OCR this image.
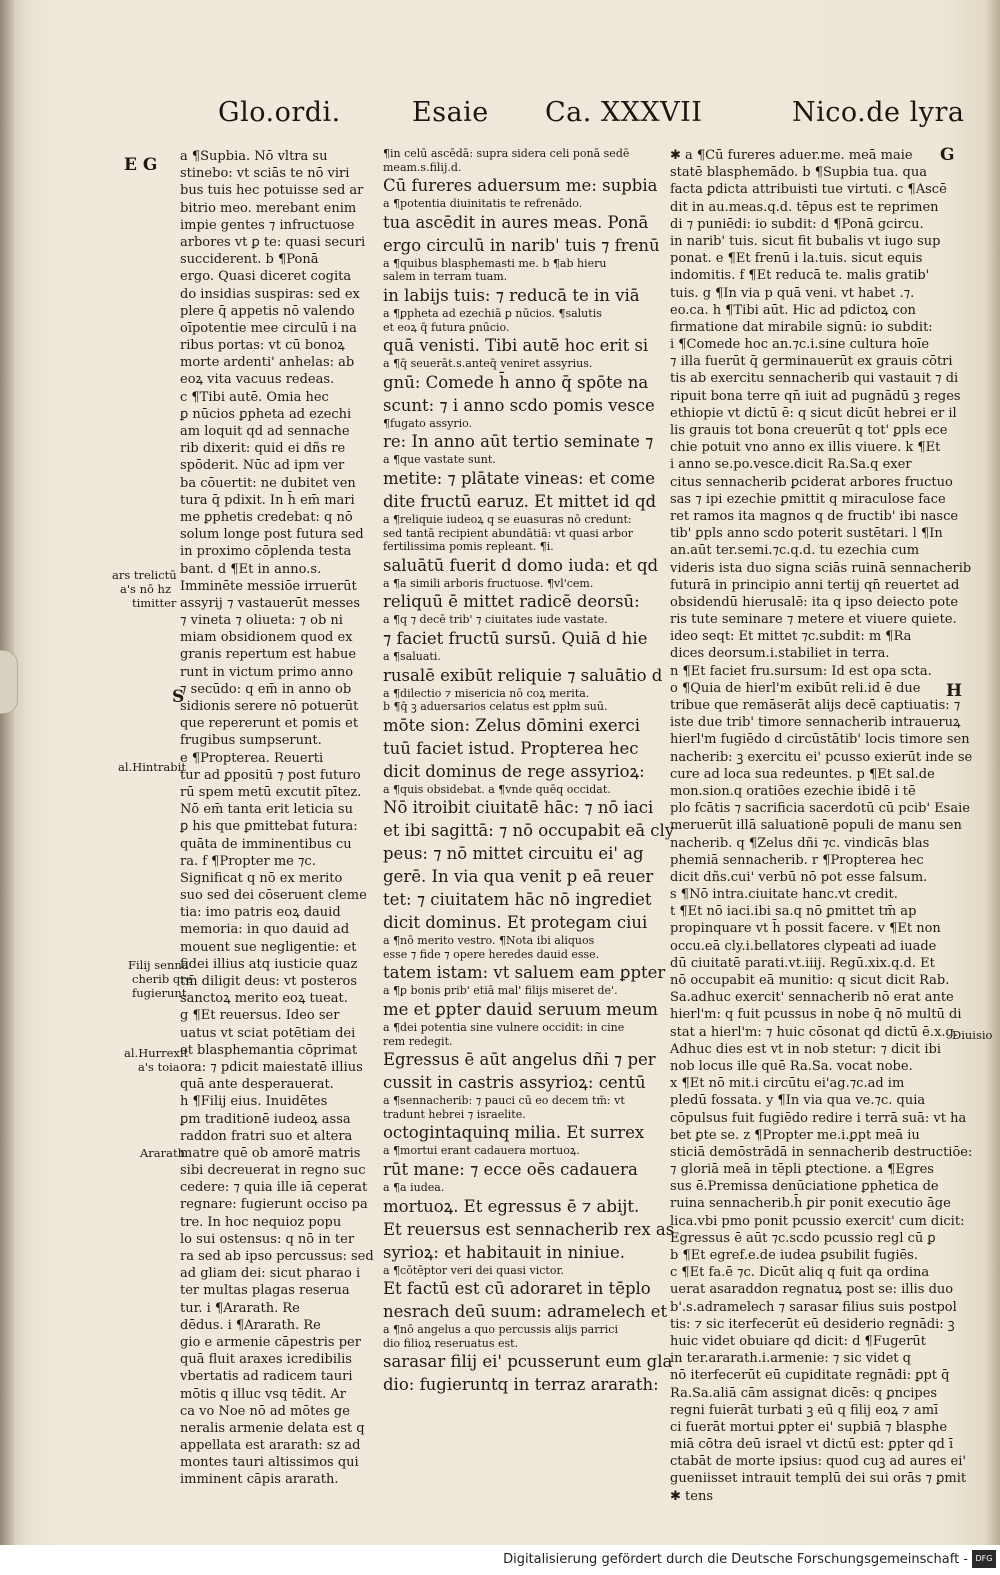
Glo.ordi.	Esaie Ca. XXXVII	Nico.de lyra
E G
ars trelictū
a's nō hz
timitter
S
al.Hintrabit
Filij senna
cherib qre
fugierunt
al.Hurrexit
a's toia
Ararath
G
H
Diuisio
a ¶Supbia. Nō vltra su
stinebo: vt sciās te nō viri
bus tuis hec potuisse sed ar
bitrio meo. merebant enim
impie gentes ⁊ infructuose
arbores vt ꝑ te: quasi securi
succiderent. b ¶Ponā
ergo. Quasi diceret cogita
do insidias suspiras: sed ex
plere q̄ appetis nō valendo
oīpotentie mee circulū i na
ribus portas: vt cū bonoꝝ
morte ardenti' anhelas: ab
eoꝝ vita vacuus redeas.
c ¶Tibi autē. Omia hec
ꝑ nūcios ꝑpheta ad ezechi
am loquit qd ad sennache
rib dixerit: quid ei dñs re
spōderit. Nūc ad ipm ver
ba cōuertit: ne dubitet ven
tura q̄ pdixit. In h̄ em̄ mari
me ꝑphetis credebat: q nō
solum longe post futura sed
in proximo cōplenda testa
bant. d ¶Et in anno.s.
Imminēte messiōe irruerūt
assyrij ⁊ vastauerūt messes
⁊ vineta ⁊ oliueta: ⁊ ob ni
miam obsidionem quod ex
granis repertum est habue
runt in victum primo anno
⁊ secūdo: q em̄ in anno ob
sidionis serere nō potuerūt
que repererunt et pomis et
frugibus sumpserunt.
e ¶Propterea. Reuerti
tur ad ꝑpositū ⁊ post futuro
rū spem metū excutit pītez.
Nō em̄ tanta erit leticia su
ꝑ his que ꝑmittebat futura:
quāta de imminentibus cu
ra. f ¶Propter me ⁊c.
Significat q nō ex merito
suo sed dei cōseruent cleme
tia: imo patris eoꝝ dauid
memoria: in quo dauid ad
mouent sue negligentie: et
fidei illius atq iusticie quaz
tm̄ diligit deus: vt posteros
sanctoꝝ merito eoꝝ tueat.
g ¶Et reuersus. Ideo ser
uatus vt sciat potētiam dei
et blasphemantia cōprimat
ora: ⁊ pdicit maiestatē illius
quā ante desperauerat.
h ¶Filij eius. Inuidētes
ꝑm traditionē iudeoꝝ assa
raddon fratri suo et altera
matre quē ob amorē matris
sibi decreuerat in regno suc
cedere: ⁊ quia ille iā ceperat
regnare: fugierunt occiso pa
tre. In hoc nequioz popu
lo sui ostensus: q nō in ter
ra sed ab ipso percussus: sed
ad gliam dei: sicut pharao i
ter multas plagas reserua
tur. i ¶Ararath. Re
dēdus. i ¶Ararath. Re
gio e armenie cāpestris per
quā fluit araxes icredibilis
vbertatis ad radicem tauri
mōtis q illuc vsq tēdit. Ar
ca vo Noe nō ad mōtes ge
neralis armenie delata est q
appellata est ararath: sz ad
montes tauri altissimos qui
imminent cāpis ararath.
¶in celū ascēdā: supra sidera celi ponā sedē
meam.s.filij.d.
Cū fureres aduersum me: supbia
a ¶potentia diuinitatis te refrenādo.
tua ascēdit in aures meas. Ponā
ergo circulū in narib' tuis ⁊ frenū
a ¶quibus blasphemasti me. b ¶ab hieru
salem in terram tuam.
in labijs tuis: ⁊ reducā te in viā
a ¶ꝑpheta ad ezechiā ꝑ nūcios. ¶salutis
et eoꝝ q̄ futura ꝑnūcio.
quā venisti. Tibi autē hoc erit si
a ¶q̄ seuerāt.s.anteq̄ veniret assyrius.
gnū: Comede h̄ anno q̄ spōte na
scunt: ⁊ i anno scdo pomis vesce
¶fugato assyrio.
re: In anno aūt tertio seminate ⁊
a ¶que vastate sunt.
metite: ⁊ plātate vineas: et come
dite fructū earuz. Et mittet id qd
a ¶reliquie iudeoꝝ q se euasuras nō credunt:
sed tantā recipient abundātiā: vt quasi arbor
fertilissima pomis repleant. ¶i.
saluātū fuerit d domo iuda: et qd
a ¶a simili arboris fructuose. ¶vl'cem.
reliquū ē mittet radicē deorsū:
a ¶q ⁊ decē trib' ⁊ ciuitates iude vastate.
⁊ faciet fructū sursū. Quiā d hie
a ¶saluati.
rusalē exibūt reliquie ⁊ saluātio d
a ¶dilectio ⁊ misericia nō coꝝ merita.
b ¶q̄ ꝫ aduersarios celatus est ꝑpłm suū.
mōte sion: Zelus dōmini exerci
tuū faciet istud. Propterea hec
dicit dominus de rege assyrioꝝ:
a ¶quis obsidebat. a ¶vnde quēq occidat.
Nō itroibit ciuitatē hāc: ⁊ nō iaci
et ibi sagittā: ⁊ nō occupabit eā cly
peus: ⁊ nō mittet circuitu ei' ag
gerē. In via qua venit p eā reuer
tet: ⁊ ciuitatem hāc nō ingrediet
dicit dominus. Et protegam ciui
a ¶nō merito vestro. ¶Nota ibi aliquos
esse ⁊ fide ⁊ opere heredes dauid esse.
tatem istam: vt saluem eam ꝑpter
a ¶ꝑ bonis ꝑrib' etiā mal' filijs miseret de'.
me et ꝑpter dauid seruum meum
a ¶dei potentia sine vulnere occidit: in cine
rem redegit.
Egressus ē aūt angelus dñi ⁊ per
cussit in castris assyrioꝝ: centū
a ¶sennacherib: ⁊ pauci cū eo decem tm̄: vt
tradunt hebrei ⁊ israelite.
octogintaquinq milia. Et surrex
a ¶mortui erant cadauera mortuoꝝ.
rūt mane: ⁊ ecce oēs cadauera
a ¶a iudea.
mortuoꝝ. Et egressus ē ⁊ abijt.
Et reuersus est sennacherib rex as
syrioꝝ: et habitauit in niniue.
a ¶cōtēptor veri dei quasi victor.
Et factū est cū adoraret in tēplo
nesrach deū suum: adramelech et
a ¶nō angelus a quo percussis alijs parrici
dio filioꝝ reseruatus est.
sarasar filij ei' pcusserunt eum gla
dio: fugieruntq in terraz ararath:
✱ a ¶Cū fureres aduer.me. meā maie
statē blasphemādo. b ¶Supbia tua. qua
facta ꝑdicta attribuisti tue virtuti. c ¶Ascē
dit in au.meas.q.d. tēpus est te reprimen
di ⁊ puniēdi: io subdit: d ¶Ponā gcircu.
in narib' tuis. sicut fit bubalis vt iugo sup
ponat. e ¶Et frenū i la.tuis. sicut equis
indomitis. f ¶Et reducā te. malis gratib'
tuis. g ¶In via p quā veni. vt habet .⁊.
eo.ca. h ¶Tibi aūt. Hic ad pdictoꝝ con
firmatione dat mirabile signū: io subdit:
i ¶Comede hoc an.⁊c.i.sine cultura hoīe
⁊ illa fuerūt q̄ germinauerūt ex grauis cōtri
tis ab exercitu sennacherib qui vastauit ⁊ di
ripuit bona terre qn̄ iuit ad pugnādū ꝫ reges
ethiopie vt dictū ē: q sicut dicūt hebrei er il
lis grauis tot bona creuerūt q tot' ꝑpls ece
chie potuit vno anno ex illis viuere. k ¶Et
i anno se.po.vesce.dicit Ra.Sa.q exer
citus sennacherib ꝑciderat arbores fructuo
sas ⁊ ipi ezechie ꝑmittit q miraculose face
ret ramos ita magnos q de fructib' ibi nasce
tib' ꝑpls anno scdo poterit sustētari. l ¶In
an.aūt ter.semi.⁊c.q.d. tu ezechia cum
videris ista duo signa sciās ruinā sennacherib
futurā in principio anni tertij qn̄ reuertet ad
obsidendū hierusalē: ita q ipso deiecto pote
ris tute seminare ⁊ metere et viuere quiete.
ideo seqt: Et mittet ⁊c.subdit: m ¶Ra
dices deorsum.i.stabiliet in terra.
n ¶Et faciet fru.sursum: Id est opa scta.
o ¶Quia de hierl'm exibūt reli.id ē due
tribue que remāserāt alijs decē captiuatis: ⁊
iste due trib' timore sennacherib intraueruꝝ
hierl'm fugiēdo d circūstātib' locis timore sen
nacherib: ꝫ exercitu ei' pcusso exierūt inde se
cure ad loca sua redeuntes. p ¶Et sal.de
mon.sion.q oratiōes ezechie ibidē i tē
plo fcātis ⁊ sacrificia sacerdotū cū pcib' Esaie
meruerūt illā saluationē populi de manu sen
nacherib. q ¶Zelus dñi ⁊c. vindicās blas
phemiā sennacherib. r ¶Propterea hec
dicit dñs.cui' verbū nō pot esse falsum.
s ¶Nō intra.ciuitate hanc.vt credit.
t ¶Et nō iaci.ibi sa.q nō ꝑmittet tm̄ ap
propinquare vt h̄ possit facere. v ¶Et non
occu.eā cly.i.bellatores clypeati ad iuade
dū ciuitatē parati.vt.iiij. Regū.xix.q.d. Et
nō occupabit eā munitio: q sicut dicit Rab.
Sa.adhuc exercit' sennacherib nō erat ante
hierl'm: q fuit pcussus in nobe q̄ nō multū di
stat a hierl'm: ⁊ huic cōsonat qd dictū ē.x.g.
Adhuc dies est vt in nob stetur: ⁊ dicit ibi
nob locus ille quē Ra.Sa. vocat nobe.
x ¶Et nō mit.i circūtu ei'ag.⁊c.ad im
pledū fossata. y ¶In via qua ve.⁊c. quia
cōpulsus fuit fugiēdo redire i terrā suā: vt ha
bet ꝑte se. z ¶Propter me.i.ꝑpt meā iu
sticiā demōstrādā in sennacherib destructiōe:
⁊ gloriā meā in tēpli ꝑtectione. a ¶Egres
sus ē.Premissa denūciatione ꝑphetica de
ruina sennacherib.h̄ ꝑir ponit executio āge
lica.vbi pmo ponit pcussio exercit' cum dicit:
Egressus ē aūt ⁊c.scdo pcussio regl cū ꝑ
b ¶Et egref.e.de iudea ꝑsubilit fugiēs.
c ¶Et fa.ē ⁊c. Dicūt aliq q fuit qa ordina
uerat asaraddon regnatuꝝ post se: illis duo
b'.s.adramelech ⁊ sarasar filius suis postpol
tis: ⁊ sic iterfecerūt eū desiderio regnādi: ꝫ
huic videt obuiare qd dicit: d ¶Fugerūt
in ter.ararath.i.armenie: ⁊ sic videt q
nō iterfecerūt eū cupiditate regnādi: ꝑpt q̄
Ra.Sa.aliā cām assignat dicēs: q ꝑncipes
regni fuierāt turbati ꝫ eū q filij eoꝝ ⁊ amī
ci fuerāt mortui ꝑpter ei' supbiā ⁊ blasphe
miā cōtra deū israel vt dictū est: ꝑpter qd ī
ctabāt de morte ipsius: quod cuꝫ ad aures ei'
gueniisset intrauit templū dei sui orās ⁊ ꝑmit
✱ tens
Digitalisierung gefördert durch die Deutsche Forschungsgemeinschaft - DFG
